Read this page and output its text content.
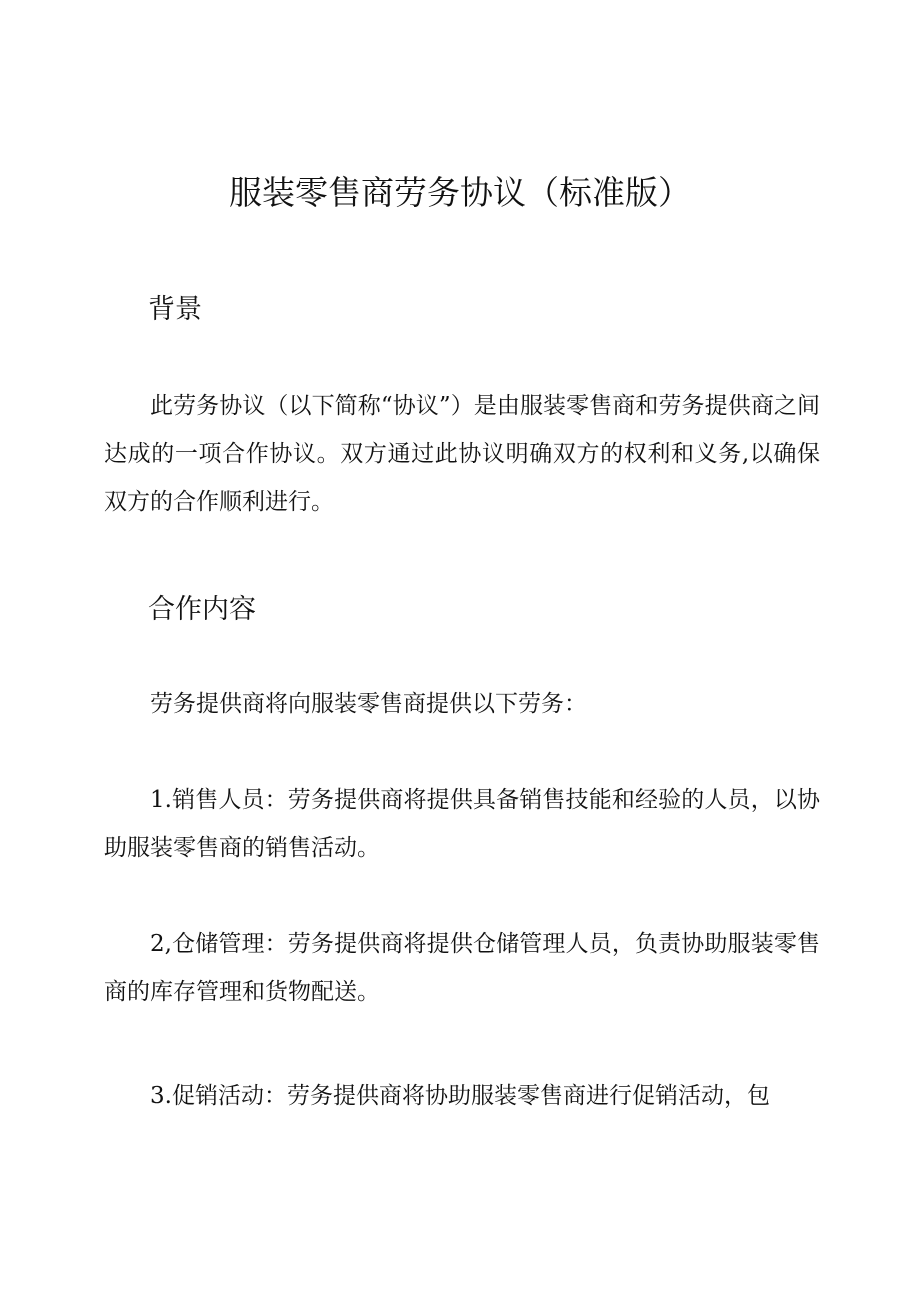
服装零售商劳务协议（标准版）
背景

此劳务协议（以下简称“协议”）是由服装零售商和劳务提供商之间达成的一项合作协议。双方通过此协议明确双方的权利和义务,以确保双方的合作顺利进行。

合作内容

劳务提供商将向服装零售商提供以下劳务：

1.销售人员：劳务提供商将提供具备销售技能和经验的人员，以协助服装零售商的销售活动。

2,仓储管理：劳务提供商将提供仓储管理人员，负责协助服装零售商的库存管理和货物配送。

3.促销活动：劳务提供商将协助服装零售商进行促销活动，包
